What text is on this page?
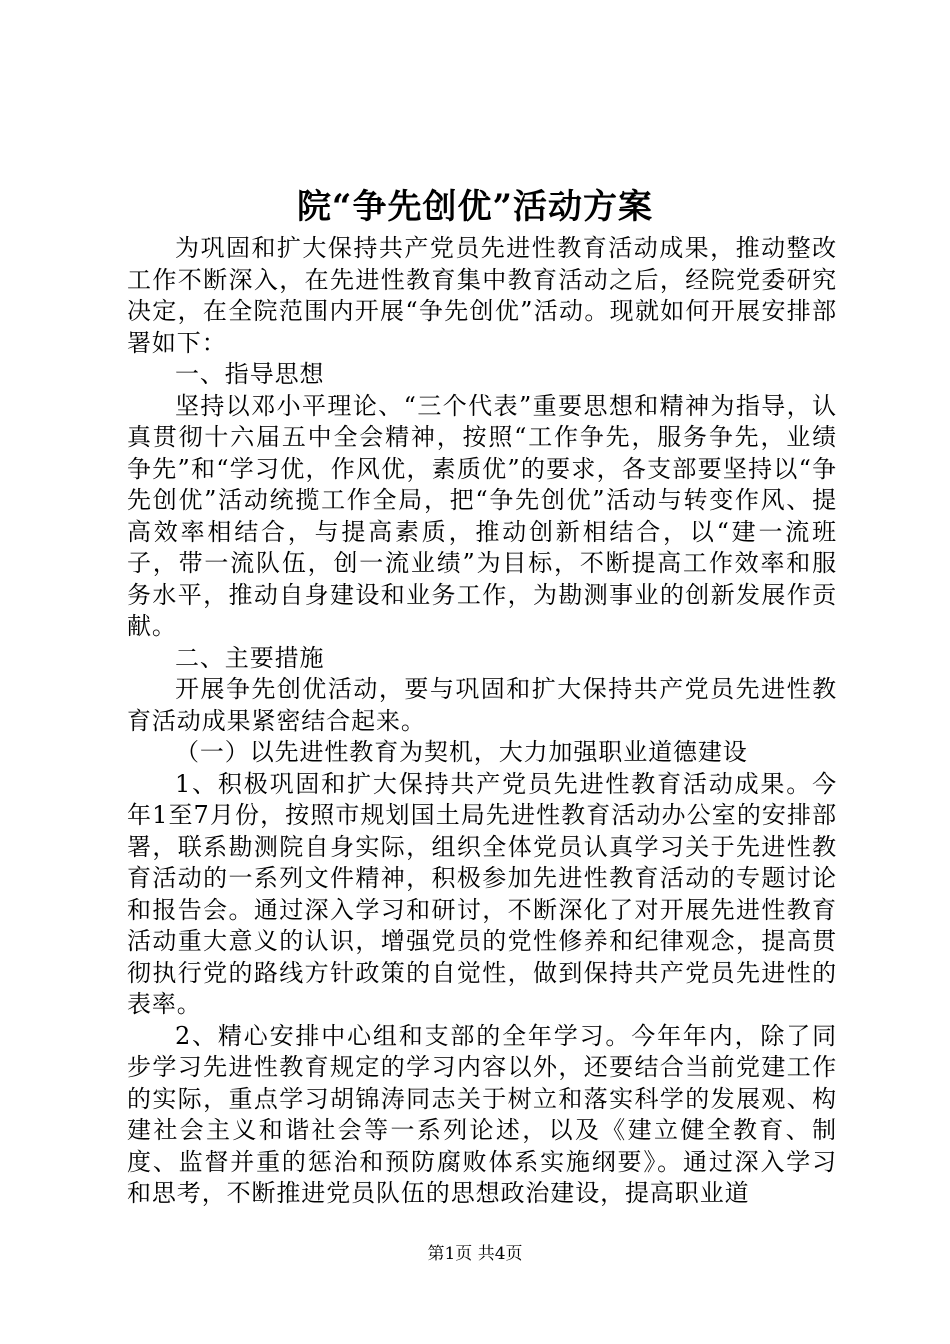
院“争先创优”活动方案

为巩固和扩大保持共产党员先进性教育活动成果，推动整改工作不断深入，在先进性教育集中教育活动之后，经院党委研究决定，在全院范围内开展“争先创优”活动。现就如何开展安排部署如下：

一、指导思想

坚持以邓小平理论、“三个代表”重要思想和精神为指导，认真贯彻十六届五中全会精神，按照“工作争先，服务争先，业绩争先”和“学习优，作风优，素质优”的要求，各支部要坚持以“争先创优”活动统揽工作全局，把“争先创优”活动与转变作风、提高效率相结合，与提高素质，推动创新相结合，以“建一流班子，带一流队伍，创一流业绩”为目标，不断提高工作效率和服务水平，推动自身建设和业务工作，为勘测事业的创新发展作贡献。

二、主要措施

开展争先创优活动，要与巩固和扩大保持共产党员先进性教育活动成果紧密结合起来。

（一）以先进性教育为契机，大力加强职业道德建设

1、积极巩固和扩大保持共产党员先进性教育活动成果。今年1至7月份，按照市规划国土局先进性教育活动办公室的安排部署，联系勘测院自身实际，组织全体党员认真学习关于先进性教育活动的一系列文件精神，积极参加先进性教育活动的专题讨论和报告会。通过深入学习和研讨，不断深化了对开展先进性教育活动重大意义的认识，增强党员的党性修养和纪律观念，提高贯彻执行党的路线方针政策的自觉性，做到保持共产党员先进性的表率。

2、精心安排中心组和支部的全年学习。今年年内，除了同步学习先进性教育规定的学习内容以外，还要结合当前党建工作的实际，重点学习胡锦涛同志关于树立和落实科学的发展观、构建社会主义和谐社会等一系列论述，以及《建立健全教育、制度、监督并重的惩治和预防腐败体系实施纲要》。通过深入学习和思考，不断推进党员队伍的思想政治建设，提高职业道

第1页 共4页
